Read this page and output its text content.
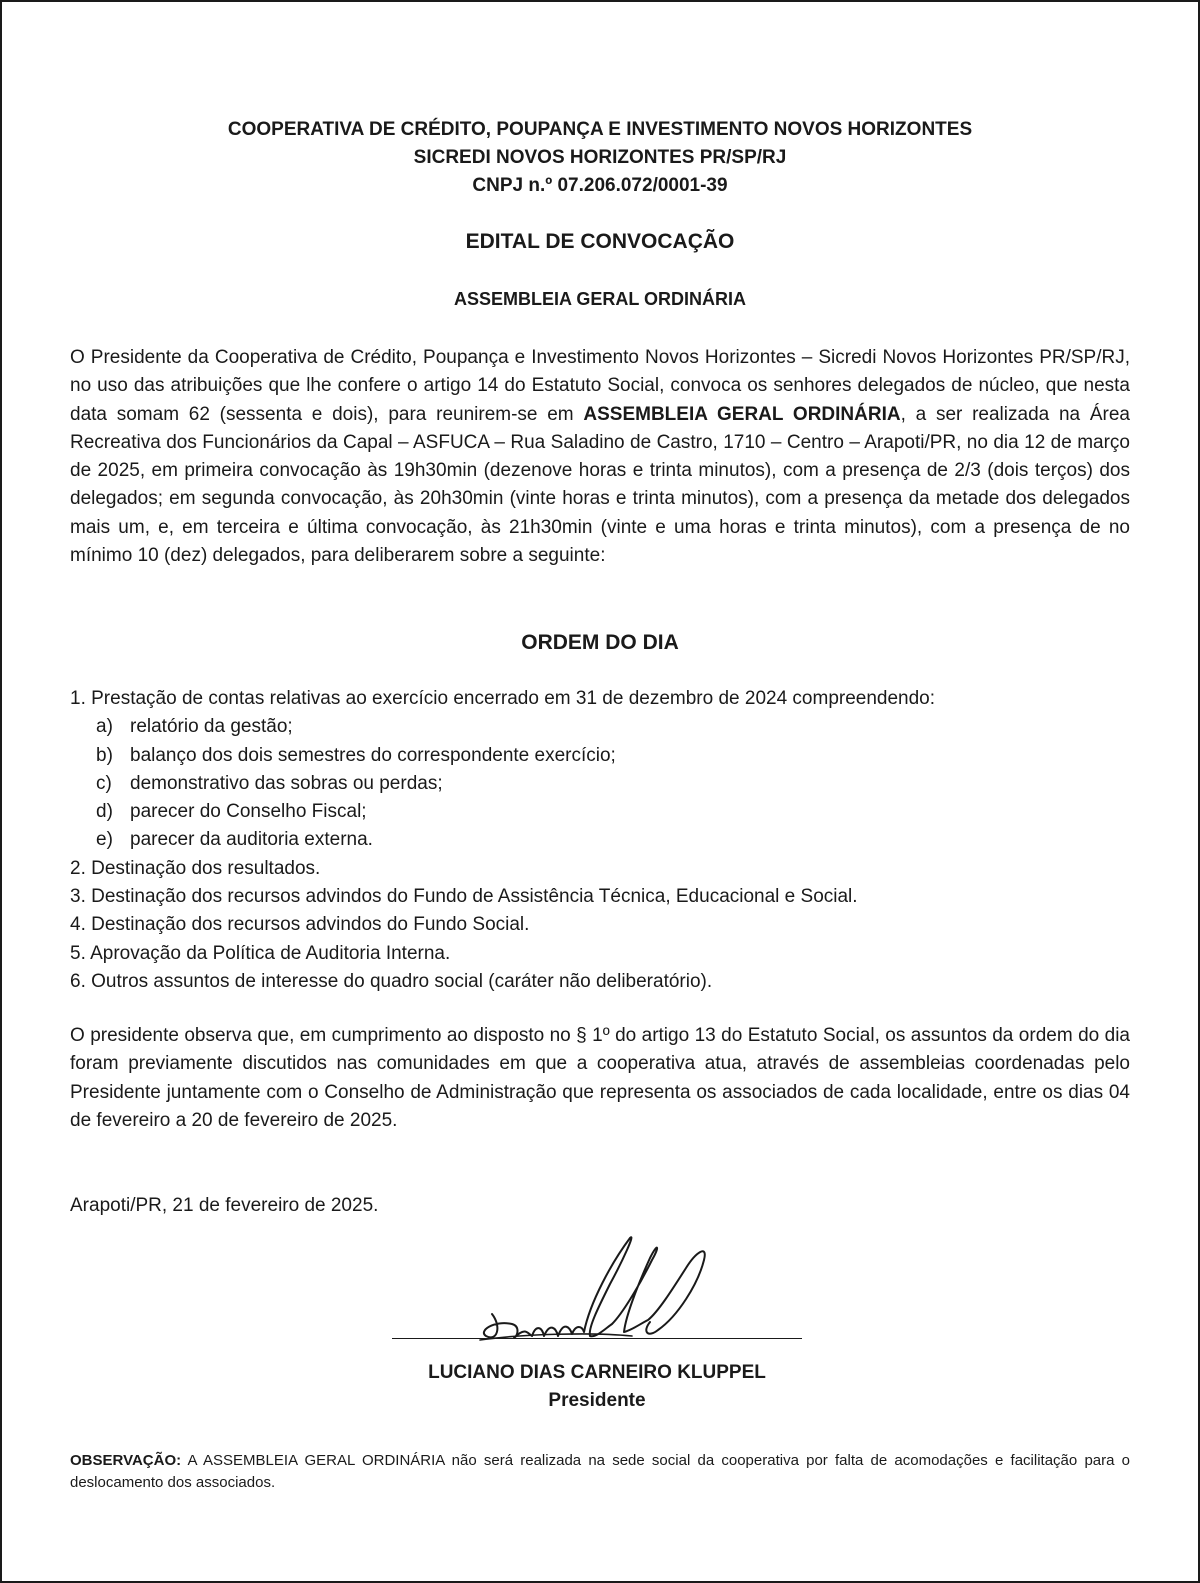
COOPERATIVA DE CRÉDITO, POUPANÇA E INVESTIMENTO NOVOS HORIZONTES
SICREDI NOVOS HORIZONTES PR/SP/RJ
CNPJ n.º 07.206.072/0001-39
EDITAL DE CONVOCAÇÃO
ASSEMBLEIA GERAL ORDINÁRIA

O Presidente da Cooperativa de Crédito, Poupança e Investimento Novos Horizontes – Sicredi Novos Horizontes PR/SP/RJ, no uso das atribuições que lhe confere o artigo 14 do Estatuto Social, convoca os senhores delegados de núcleo, que nesta data somam 62 (sessenta e dois), para reunirem-se em ASSEMBLEIA GERAL ORDINÁRIA, a ser realizada na Área Recreativa dos Funcionários da Capal – ASFUCA – Rua Saladino de Castro, 1710 – Centro – Arapoti/PR, no dia 12 de março de 2025, em primeira convocação às 19h30min (dezenove horas e trinta minutos), com a presença de 2/3 (dois terços) dos delegados; em segunda convocação, às 20h30min (vinte horas e trinta minutos), com a presença da metade dos delegados mais um, e, em terceira e última convocação, às 21h30min (vinte e uma horas e trinta minutos), com a presença de no mínimo 10 (dez) delegados, para deliberarem sobre a seguinte:

ORDEM DO DIA
1. Prestação de contas relativas ao exercício encerrado em 31 de dezembro de 2024 compreendendo:
a) relatório da gestão;
b) balanço dos dois semestres do correspondente exercício;
c) demonstrativo das sobras ou perdas;
d) parecer do Conselho Fiscal;
e) parecer da auditoria externa.
2. Destinação dos resultados.
3. Destinação dos recursos advindos do Fundo de Assistência Técnica, Educacional e Social.
4. Destinação dos recursos advindos do Fundo Social.
5. Aprovação da Política de Auditoria Interna.
6. Outros assuntos de interesse do quadro social (caráter não deliberatório).

O presidente observa que, em cumprimento ao disposto no § 1º do artigo 13 do Estatuto Social, os assuntos da ordem do dia foram previamente discutidos nas comunidades em que a cooperativa atua, através de assembleias coordenadas pelo Presidente juntamente com o Conselho de Administração que representa os associados de cada localidade, entre os dias 04 de fevereiro a 20 de fevereiro de 2025.

Arapoti/PR, 21 de fevereiro de 2025.
LUCIANO DIAS CARNEIRO KLUPPEL
Presidente

OBSERVAÇÃO: A ASSEMBLEIA GERAL ORDINÁRIA não será realizada na sede social da cooperativa por falta de acomodações e facilitação para o deslocamento dos associados.
